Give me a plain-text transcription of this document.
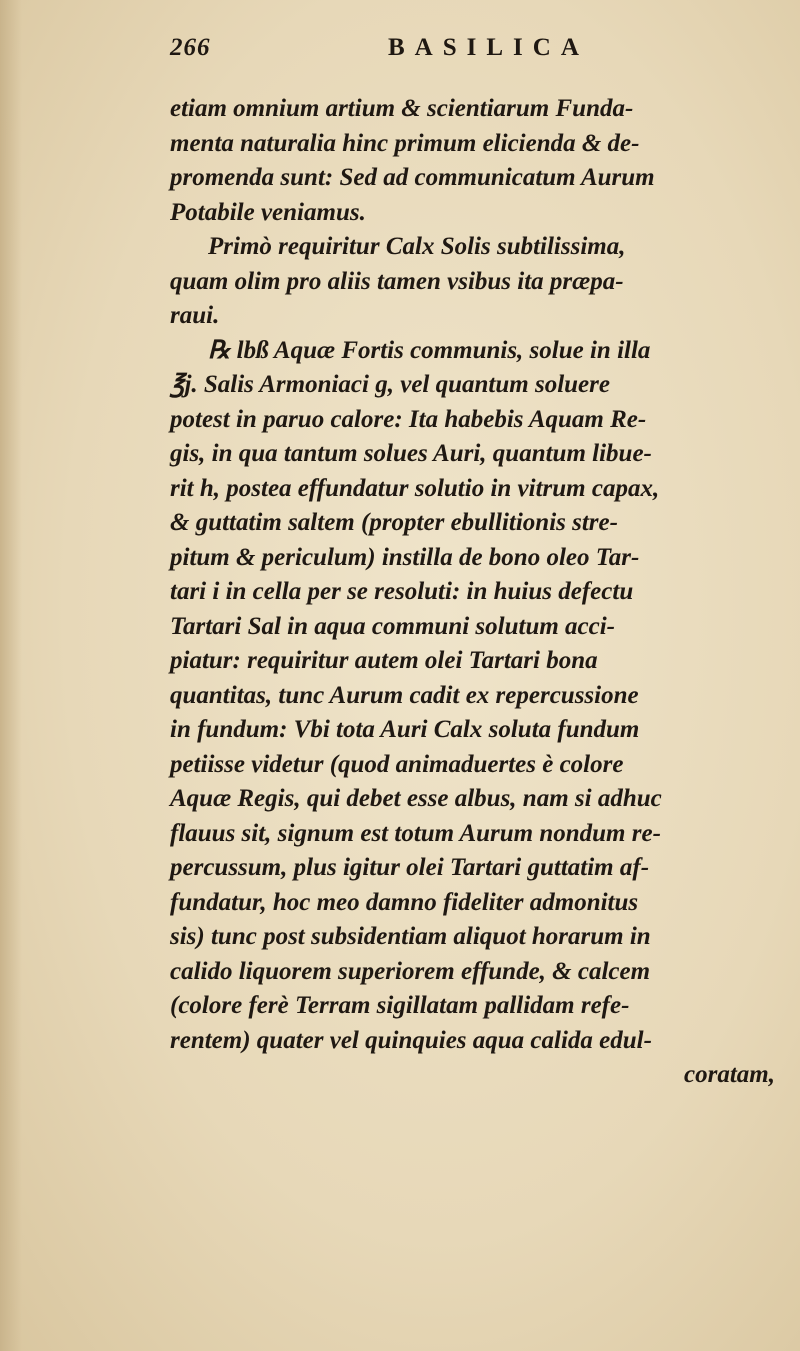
266	BASILICA
etiam omnium artium & scientiarum Funda-
menta naturalia hinc primum elicienda & de-
promenda sunt: Sed ad communicatum Aurum
Potabile veniamus.
Primò requiritur Calx Solis subtilissima,
quam olim pro aliis tamen vsibus ita præpa-
raui.
℞ lbß Aquæ Fortis communis, solue in illa
℥j. Salis Armoniaci g, vel quantum soluere
potest in paruo calore: Ita habebis Aquam Re-
gis, in qua tantum solues Auri, quantum libue-
rit h, postea effundatur solutio in vitrum capax,
& guttatim saltem (propter ebullitionis stre-
pitum & periculum) instilla de bono oleo Tar-
tari i in cella per se resoluti: in huius defectu
Tartari Sal in aqua communi solutum acci-
piatur: requiritur autem olei Tartari bona
quantitas, tunc Aurum cadit ex repercussione
in fundum: Vbi tota Auri Calx soluta fundum
petiisse videtur (quod animaduertes è colore
Aquæ Regis, qui debet esse albus, nam si adhuc
flauus sit, signum est totum Aurum nondum re-
percussum, plus igitur olei Tartari guttatim af-
fundatur, hoc meo damno fideliter admonitus
sis) tunc post subsidentiam aliquot horarum in
calido liquorem superiorem effunde, & calcem
(colore ferè Terram sigillatam pallidam refe-
rentem) quater vel quinquies aqua calida edul-
coratam,
